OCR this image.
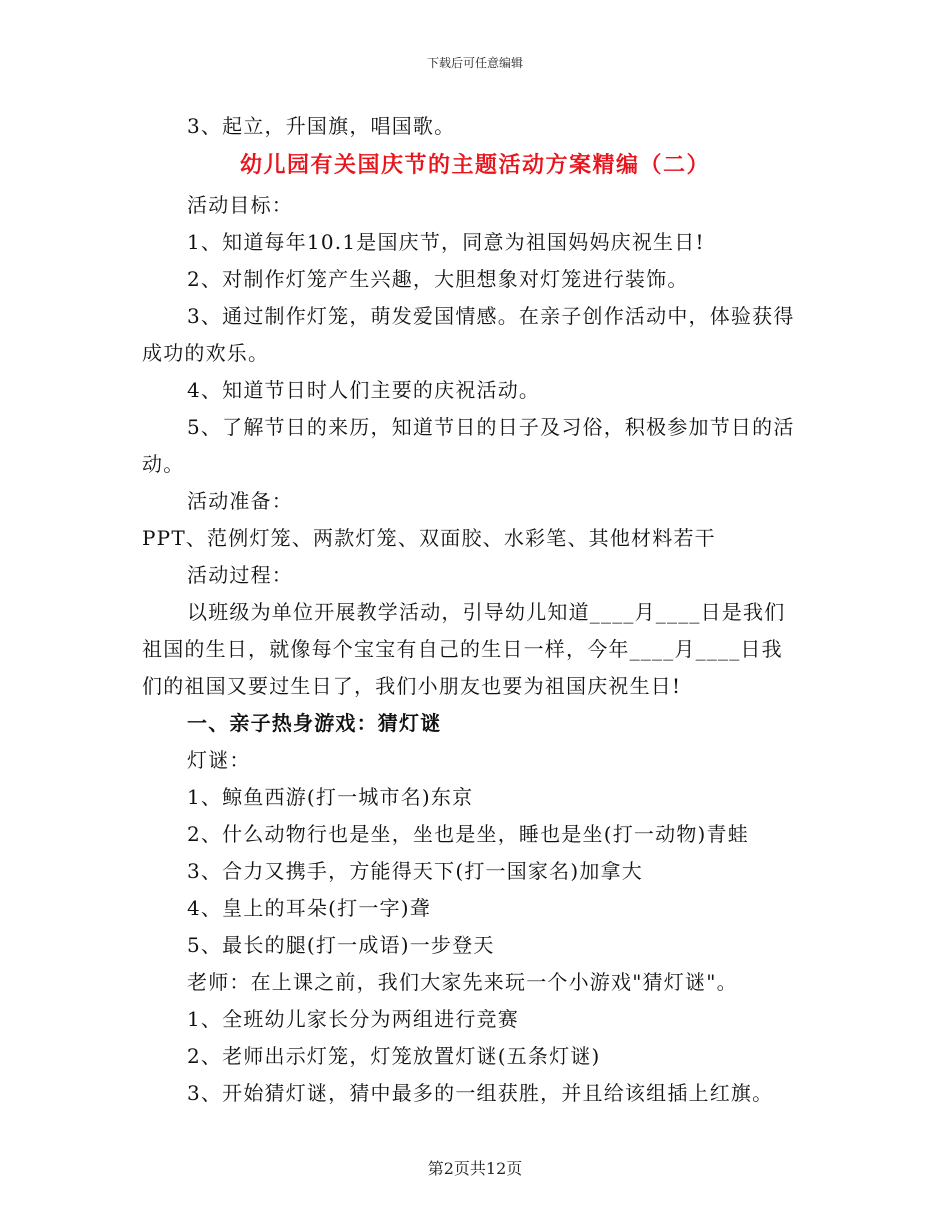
下载后可任意编辑
3、起立，升国旗，唱国歌。
幼儿园有关国庆节的主题活动方案精编（二）
活动目标：
1、知道每年10.1是国庆节，同意为祖国妈妈庆祝生日!
2、对制作灯笼产生兴趣，大胆想象对灯笼进行装饰。
3、通过制作灯笼，萌发爱国情感。在亲子创作活动中，体验获得
成功的欢乐。
4、知道节日时人们主要的庆祝活动。
5、了解节日的来历，知道节日的日子及习俗，积极参加节日的活
动。
活动准备：
PPT、范例灯笼、两款灯笼、双面胶、水彩笔、其他材料若干
活动过程：
以班级为单位开展教学活动，引导幼儿知道____月____日是我们
祖国的生日，就像每个宝宝有自己的生日一样，今年____月____日我
们的祖国又要过生日了，我们小朋友也要为祖国庆祝生日!
一、亲子热身游戏：猜灯谜
灯谜：
1、鲸鱼西游(打一城市名)东京
2、什么动物行也是坐，坐也是坐，睡也是坐(打一动物)青蛙
3、合力又携手，方能得天下(打一国家名)加拿大
4、皇上的耳朵(打一字)聋
5、最长的腿(打一成语)一步登天
老师：在上课之前，我们大家先来玩一个小游戏"猜灯谜"。
1、全班幼儿家长分为两组进行竞赛
2、老师出示灯笼，灯笼放置灯谜(五条灯谜)
3、开始猜灯谜，猜中最多的一组获胜，并且给该组插上红旗。
第2页共12页
